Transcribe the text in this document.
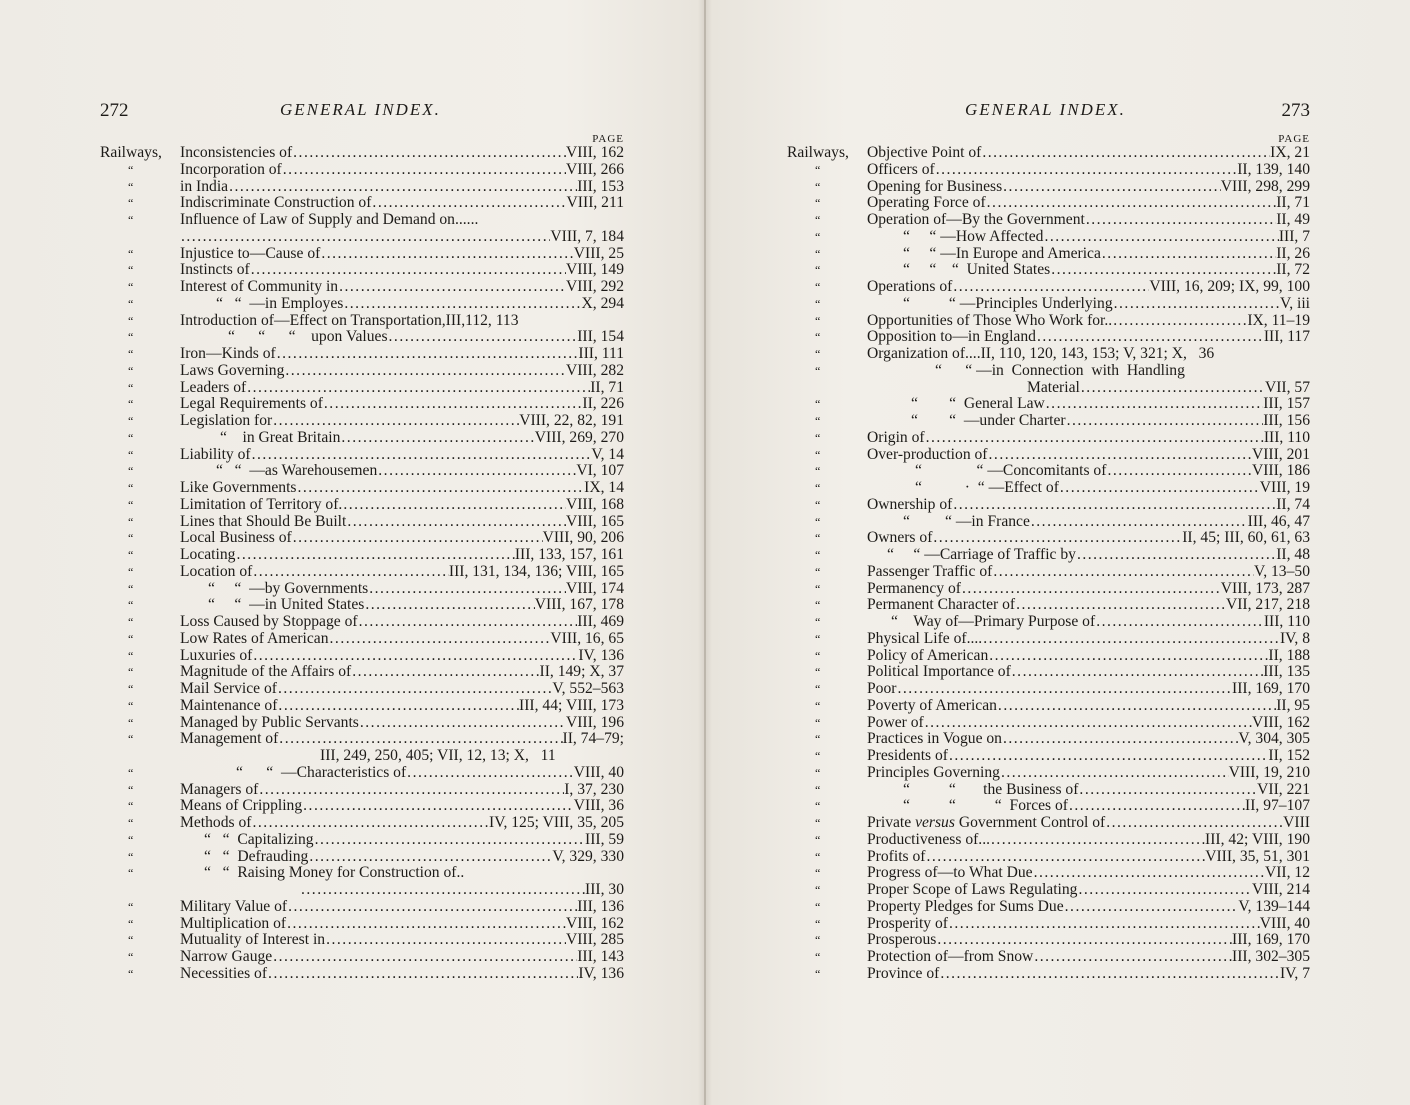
272	GENERAL INDEX.
PAGE
Railways, Inconsistencies of .....	VIII, 162
“	Incorporation of .....	VIII, 266
“	in India .....	III, 153
“	Indiscriminate Construction of .....	VIII, 211
“	Influence of Law of Supply and Demand on......
.....
VIII, 7, 184
“	Injustice to—Cause of .....	VIII, 25
“	Instincts of .....	VIII, 149
“	Interest of Community in .....	VIII, 292
“	“   “  —in Employes .....	X, 294
“	Introduction of—Effect on Transportation,III,112, 113
“	“      “      “    upon Values .....	III, 154
“	Iron—Kinds of .....	III, 111
“	Laws Governing .....	VIII, 282
“	Leaders of .....	II, 71
“	Legal Requirements of .....	II, 226
“	Legislation for .....	VIII, 22, 82, 191
“	“    in Great Britain .....	VIII, 269, 270
“	Liability of .....	V, 14
“	“   “  —as Warehousemen .....	VI, 107
“	Like Governments .....	IX, 14
“	Limitation of Territory of. .....	VIII, 168
“	Lines that Should Be Built .....	VIII, 165
“	Local Business of .....	VIII, 90, 206
“	Locating .....	III, 133, 157, 161
“	Location of .....	III, 131, 134, 136; VIII, 165
“	“     “  —by Governments .....	VIII, 174
“	“     “  —in United States .....	VIII, 167, 178
“	Loss Caused by Stoppage of .....	III, 469
“	Low Rates of American .....	VIII, 16, 65
“	Luxuries of .....	IV, 136
“	Magnitude of the Affairs of .....	II, 149; X, 37
“	Mail Service of .....	V, 552–563
“	Maintenance of .....	III, 44; VIII, 173
“	Managed by Public Servants .....	VIII, 196
“	Management of .....	II, 74–79;
III, 249, 250, 405; VII, 12, 13; X,   11
“	“      “  —Characteristics of .....	VIII, 40
“	Managers of .....	I, 37, 230
“	Means of Crippling .....	VIII, 36
“	Methods of .....	IV, 125; VIII, 35, 205
“	“   “  Capitalizing .....	III, 59
“	“   “  Defrauding .....	V, 329, 330
“	“   “  Raising Money for Construction of..
.....
III, 30
“	Military Value of .....	III, 136
“	Multiplication of .....	VIII, 162
“	Mutuality of Interest in .....	VIII, 285
“	Narrow Gauge .....	III, 143
“	Necessities of .....	IV, 136
GENERAL INDEX.	273
PAGE
Railways, Objective Point of .....	IX, 21
“	Officers of .....	II, 139, 140
“	Opening for Business .....	VIII, 298, 299
“	Operating Force of .....	II, 71
“	Operation of—By the Government .....	II, 49
“	“     “ —How Affected .....	III, 7
“	“     “ —In Europe and America .....	II, 26
“	“     “    “  United States .....	II, 72
“	Operations of .....	VIII, 16, 209; IX, 99, 100
“	“          “ —Principles Underlying .....	V, iii
“	Opportunities of Those Who Work for.. .....	IX, 11–19
“	Opposition to—in England .....	III, 117
“	Organization of....II, 110, 120, 143, 153; V, 321; X,   36
“	“      “ —in  Connection  with  Handling
Material .....	VII, 57
“	“        “  General Law .....	III, 157
“	“        “  —under Charter .....	III, 156
“	Origin of .....	III, 110
“	Over-production of .....	VIII, 201
“	“              “ —Concomitants of .....	VIII, 186
“	“           ·  “ —Effect of .....	VIII, 19
“	Ownership of .....	II, 74
“	“         “ —in France .....	III, 46, 47
“	Owners of .....	II, 45; III, 60, 61, 63
“	“     “ —Carriage of Traffic by .....	II, 48
“	Passenger Traffic of .....	V, 13–50
“	Permanency of .....	VIII, 173, 287
“	Permanent Character of .....	VII, 217, 218
“	“    Way of—Primary Purpose of .....	III, 110
“	Physical Life of.... .....	IV, 8
“	Policy of American .....	II, 188
“	Political Importance of .....	III, 135
“	Poor .....	III, 169, 170
“	Poverty of American .....	II, 95
“	Power of .....	VIII, 162
“	Practices in Vogue on .....	V, 304, 305
“	Presidents of .....	II, 152
“	Principles Governing .....	VIII, 19, 210
“	“          “       the Business of .....	VII, 221
“	“          “          “  Forces of .....	II, 97–107
“	Private versus Government Control of .....	VIII
“	Productiveness of... .....	III, 42; VIII, 190
“	Profits of .....	VIII, 35, 51, 301
“	Progress of—to What Due .....	VII, 12
“	Proper Scope of Laws Regulating .....	VIII, 214
“	Property Pledges for Sums Due .....	V, 139–144
“	Prosperity of .....	VIII, 40
“	Prosperous .....	III, 169, 170
“	Protection of—from Snow .....	III, 302–305
“	Province of .....	IV, 7
